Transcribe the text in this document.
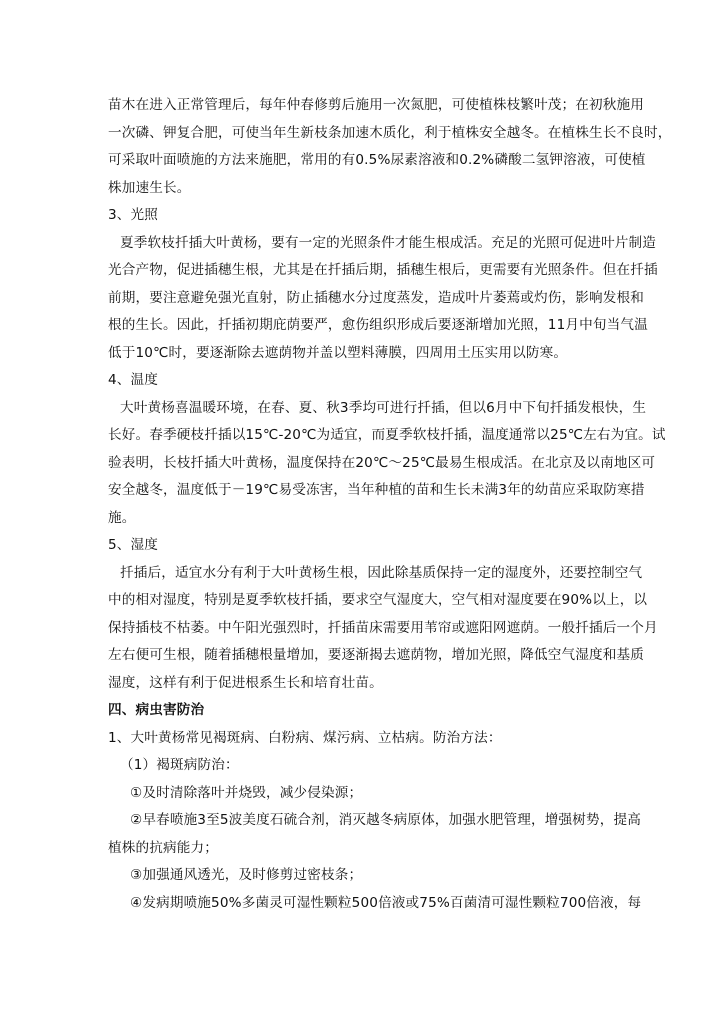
苗木在进入正常管理后，每年仲春修剪后施用一次氮肥，可使植株枝繁叶茂；在初秋施用
一次磷、钾复合肥，可使当年生新枝条加速木质化，利于植株安全越冬。在植株生长不良时，
可采取叶面喷施的方法来施肥，常用的有0.5%尿素溶液和0.2%磷酸二氢钾溶液，可使植
株加速生长。
3、光照
夏季软枝扦插大叶黄杨，要有一定的光照条件才能生根成活。充足的光照可促进叶片制造
光合产物，促进插穗生根，尤其是在扦插后期，插穗生根后，更需要有光照条件。但在扦插
前期，要注意避免强光直射，防止插穗水分过度蒸发，造成叶片萎蔫或灼伤，影响发根和
根的生长。因此，扦插初期庇荫要严，愈伤组织形成后要逐渐增加光照，11月中旬当气温
低于10℃时，要逐渐除去遮荫物并盖以塑料薄膜，四周用土压实用以防寒。
4、温度
大叶黄杨喜温暖环境，在春、夏、秋3季均可进行扦插，但以6月中下旬扦插发根快，生
长好。春季硬枝扦插以15℃-20℃为适宜，而夏季软枝扦插，温度通常以25℃左右为宜。试
验表明，长枝扦插大叶黄杨，温度保持在20℃～25℃最易生根成活。在北京及以南地区可
安全越冬，温度低于－19℃易受冻害，当年种植的苗和生长未满3年的幼苗应采取防寒措
施。
5、湿度
扦插后，适宜水分有利于大叶黄杨生根，因此除基质保持一定的湿度外，还要控制空气
中的相对湿度，特别是夏季软枝扦插，要求空气湿度大，空气相对湿度要在90%以上，以
保持插枝不枯萎。中午阳光强烈时，扦插苗床需要用苇帘或遮阳网遮荫。一般扦插后一个月
左右便可生根，随着插穗根量增加，要逐渐揭去遮荫物，增加光照，降低空气湿度和基质
湿度，这样有利于促进根系生长和培育壮苗。
四、病虫害防治
1、大叶黄杨常见褐斑病、白粉病、煤污病、立枯病。防治方法：
（1）褐斑病防治：
①及时清除落叶并烧毁，减少侵染源；
②早春喷施3至5波美度石硫合剂，消灭越冬病原体，加强水肥管理，增强树势，提高
植株的抗病能力；
③加强通风透光，及时修剪过密枝条；
④发病期喷施50%多菌灵可湿性颗粒500倍液或75%百菌清可湿性颗粒700倍液，每
